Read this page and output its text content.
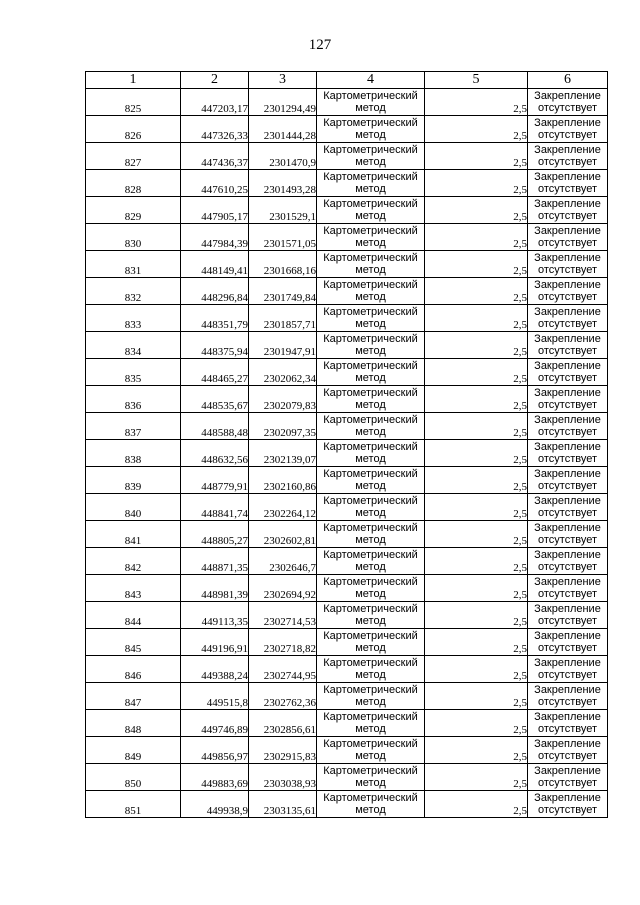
127
1	2	3	4	5	6
825	447203,17	2301294,49	Картометрический
метод	2,5	Закрепление
отсутствует

826	447326,33	2301444,28	Картометрический
метод	2,5	Закрепление
отсутствует

827	447436,37	2301470,9	Картометрический
метод	2,5	Закрепление
отсутствует

828	447610,25	2301493,28	Картометрический
метод	2,5	Закрепление
отсутствует

829	447905,17	2301529,1	Картометрический
метод	2,5	Закрепление
отсутствует

830	447984,39	2301571,05	Картометрический
метод	2,5	Закрепление
отсутствует

831	448149,41	2301668,16	Картометрический
метод	2,5	Закрепление
отсутствует

832	448296,84	2301749,84	Картометрический
метод	2,5	Закрепление
отсутствует

833	448351,79	2301857,71	Картометрический
метод	2,5	Закрепление
отсутствует

834	448375,94	2301947,91	Картометрический
метод	2,5	Закрепление
отсутствует

835	448465,27	2302062,34	Картометрический
метод	2,5	Закрепление
отсутствует

836	448535,67	2302079,83	Картометрический
метод	2,5	Закрепление
отсутствует

837	448588,48	2302097,35	Картометрический
метод	2,5	Закрепление
отсутствует

838	448632,56	2302139,07	Картометрический
метод	2,5	Закрепление
отсутствует

839	448779,91	2302160,86	Картометрический
метод	2,5	Закрепление
отсутствует

840	448841,74	2302264,12	Картометрический
метод	2,5	Закрепление
отсутствует

841	448805,27	2302602,81	Картометрический
метод	2,5	Закрепление
отсутствует

842	448871,35	2302646,7	Картометрический
метод	2,5	Закрепление
отсутствует

843	448981,39	2302694,92	Картометрический
метод	2,5	Закрепление
отсутствует

844	449113,35	2302714,53	Картометрический
метод	2,5	Закрепление
отсутствует

845	449196,91	2302718,82	Картометрический
метод	2,5	Закрепление
отсутствует

846	449388,24	2302744,95	Картометрический
метод	2,5	Закрепление
отсутствует

847	449515,8	2302762,36	Картометрический
метод	2,5	Закрепление
отсутствует

848	449746,89	2302856,61	Картометрический
метод	2,5	Закрепление
отсутствует

849	449856,97	2302915,83	Картометрический
метод	2,5	Закрепление
отсутствует

850	449883,69	2303038,93	Картометрический
метод	2,5	Закрепление
отсутствует

851	449938,9	2303135,61	Картометрический
метод	2,5	Закрепление
отсутствует
